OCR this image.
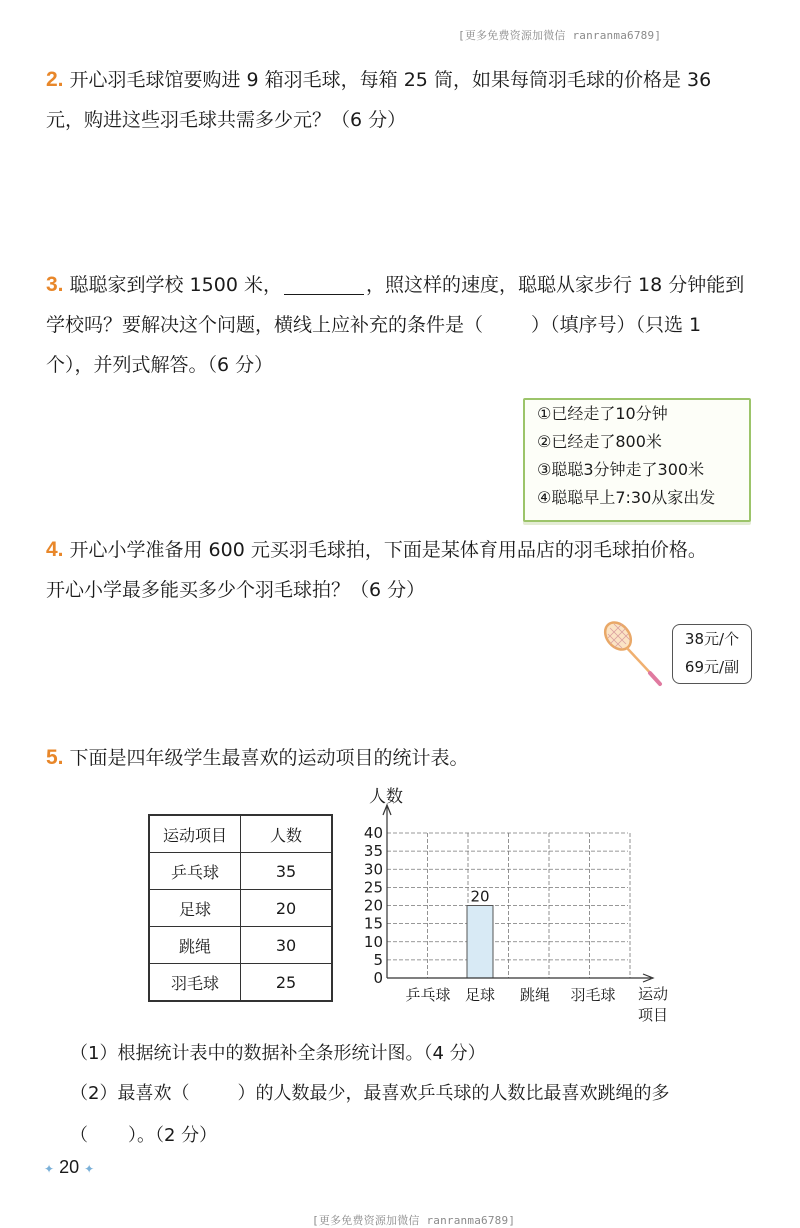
[更多免费资源加微信 ranranma6789]
2. 开心羽毛球馆要购进 9 箱羽毛球，每箱 25 筒，如果每筒羽毛球的价格是 36
元，购进这些羽毛球共需多少元？（6 分）
3. 聪聪家到学校 1500 米，	，照这样的速度，聪聪从家步行 18 分钟能到
学校吗？要解决这个问题，横线上应补充的条件是（	）（填序号）（只选 1
个），并列式解答。（6 分）
①已经走了10分钟
②已经走了800米
③聪聪3分钟走了300米
④聪聪早上7:30从家出发
4. 开心小学准备用 600 元买羽毛球拍，下面是某体育用品店的羽毛球拍价格。
开心小学最多能买多少个羽毛球拍？（6 分）
38元/个
69元/副
5. 下面是四年级学生最喜欢的运动项目的统计表。
运动项目	人数
乒乓球	35
足球	20
跳绳	30
羽毛球	25
人数
20
0
5
10
15
20
25
30
35
40
乒乓球 足球 跳绳 羽毛球 运动
项目
（1）根据统计表中的数据补全条形统计图。（4 分）
（2）最喜欢（	）的人数最少，最喜欢乒乓球的人数比最喜欢跳绳的多
（ ）。（2 分）
✦ 20 ✦
[更多免费资源加微信 ranranma6789]
